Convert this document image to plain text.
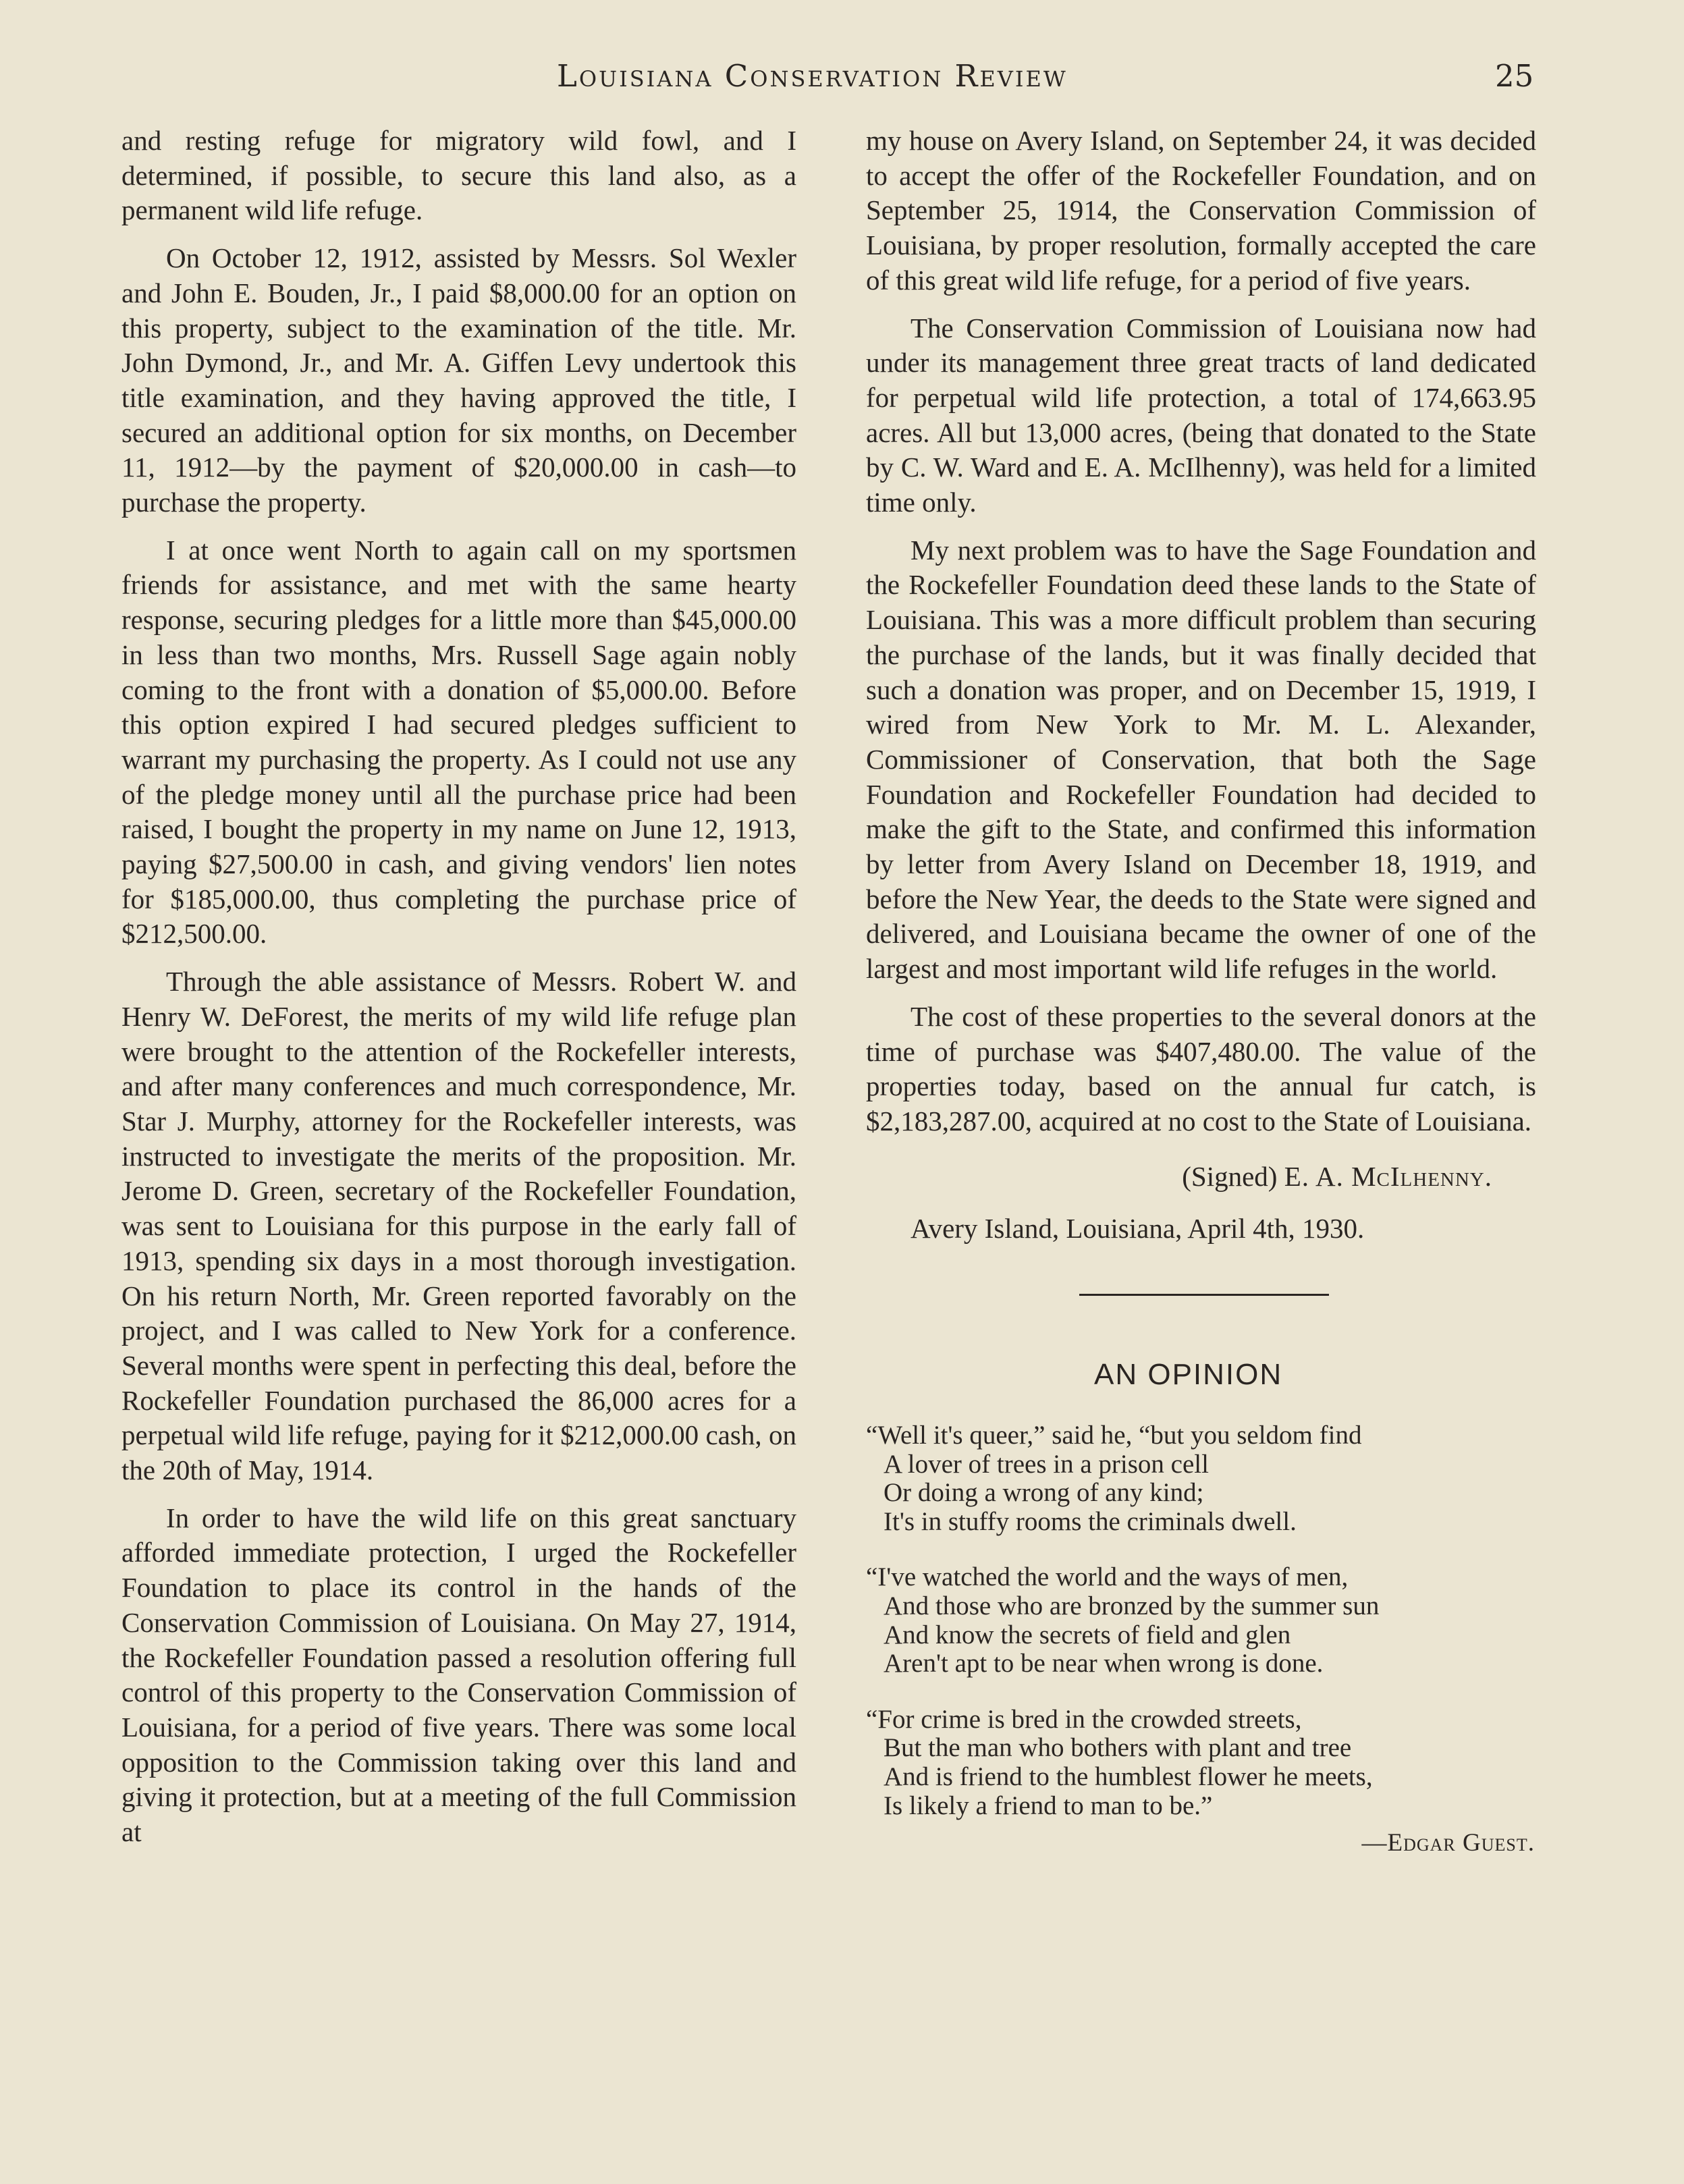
Louisiana Conservation Review	25

and resting refuge for migratory wild fowl, and I determined, if possible, to secure this land also, as a permanent wild life refuge.

On October 12, 1912, assisted by Messrs. Sol Wexler and John E. Bouden, Jr., I paid $8,000.00 for an option on this property, subject to the examination of the title. Mr. John Dymond, Jr., and Mr. A. Giffen Levy undertook this title examination, and they having approved the title, I secured an additional option for six months, on December 11, 1912—by the payment of $20,000.00 in cash—to purchase the property.

I at once went North to again call on my sportsmen friends for assistance, and met with the same hearty response, securing pledges for a little more than $45,000.00 in less than two months, Mrs. Russell Sage again nobly coming to the front with a donation of $5,000.00. Before this option expired I had secured pledges sufficient to warrant my purchasing the property. As I could not use any of the pledge money until all the purchase price had been raised, I bought the property in my name on June 12, 1913, paying $27,500.00 in cash, and giving vendors' lien notes for $185,000.00, thus completing the purchase price of $212,500.00.

Through the able assistance of Messrs. Robert W. and Henry W. DeForest, the merits of my wild life refuge plan were brought to the attention of the Rockefeller interests, and after many conferences and much correspondence, Mr. Star J. Murphy, attorney for the Rockefeller interests, was instructed to investigate the merits of the proposition. Mr. Jerome D. Green, secretary of the Rockefeller Foundation, was sent to Louisiana for this purpose in the early fall of 1913, spending six days in a most thorough investigation. On his return North, Mr. Green reported favorably on the project, and I was called to New York for a conference. Several months were spent in perfecting this deal, before the Rockefeller Foundation purchased the 86,000 acres for a perpetual wild life refuge, paying for it $212,000.00 cash, on the 20th of May, 1914.

In order to have the wild life on this great sanctuary afforded immediate protection, I urged the Rockefeller Foundation to place its control in the hands of the Conservation Commission of Louisiana. On May 27, 1914, the Rockefeller Foundation passed a resolution offering full control of this property to the Conservation Commission of Louisiana, for a period of five years. There was some local opposition to the Commission taking over this land and giving it protection, but at a meeting of the full Commission at

my house on Avery Island, on September 24, it was decided to accept the offer of the Rockefeller Foundation, and on September 25, 1914, the Conservation Commission of Louisiana, by proper resolution, formally accepted the care of this great wild life refuge, for a period of five years.

The Conservation Commission of Louisiana now had under its management three great tracts of land dedicated for perpetual wild life protection, a total of 174,663.95 acres. All but 13,000 acres, (being that donated to the State by C. W. Ward and E. A. McIlhenny), was held for a limited time only.

My next problem was to have the Sage Foundation and the Rockefeller Foundation deed these lands to the State of Louisiana. This was a more difficult problem than securing the purchase of the lands, but it was finally decided that such a donation was proper, and on December 15, 1919, I wired from New York to Mr. M. L. Alexander, Commissioner of Conservation, that both the Sage Foundation and Rockefeller Foundation had decided to make the gift to the State, and confirmed this information by letter from Avery Island on December 18, 1919, and before the New Year, the deeds to the State were signed and delivered, and Louisiana became the owner of one of the largest and most important wild life refuges in the world.

The cost of these properties to the several donors at the time of purchase was $407,480.00. The value of the properties today, based on the annual fur catch, is $2,183,287.00, acquired at no cost to the State of Louisiana.

(Signed) E. A. McIlhenny.

Avery Island, Louisiana, April 4th, 1930.

AN OPINION
“Well it's queer,” said he, “but you seldom find
A lover of trees in a prison cell
Or doing a wrong of any kind;
It's in stuffy rooms the criminals dwell.
“I've watched the world and the ways of men,
And those who are bronzed by the summer sun
And know the secrets of field and glen
Aren't apt to be near when wrong is done.
“For crime is bred in the crowded streets,
But the man who bothers with plant and tree
And is friend to the humblest flower he meets,
Is likely a friend to man to be.”
—Edgar Guest.
